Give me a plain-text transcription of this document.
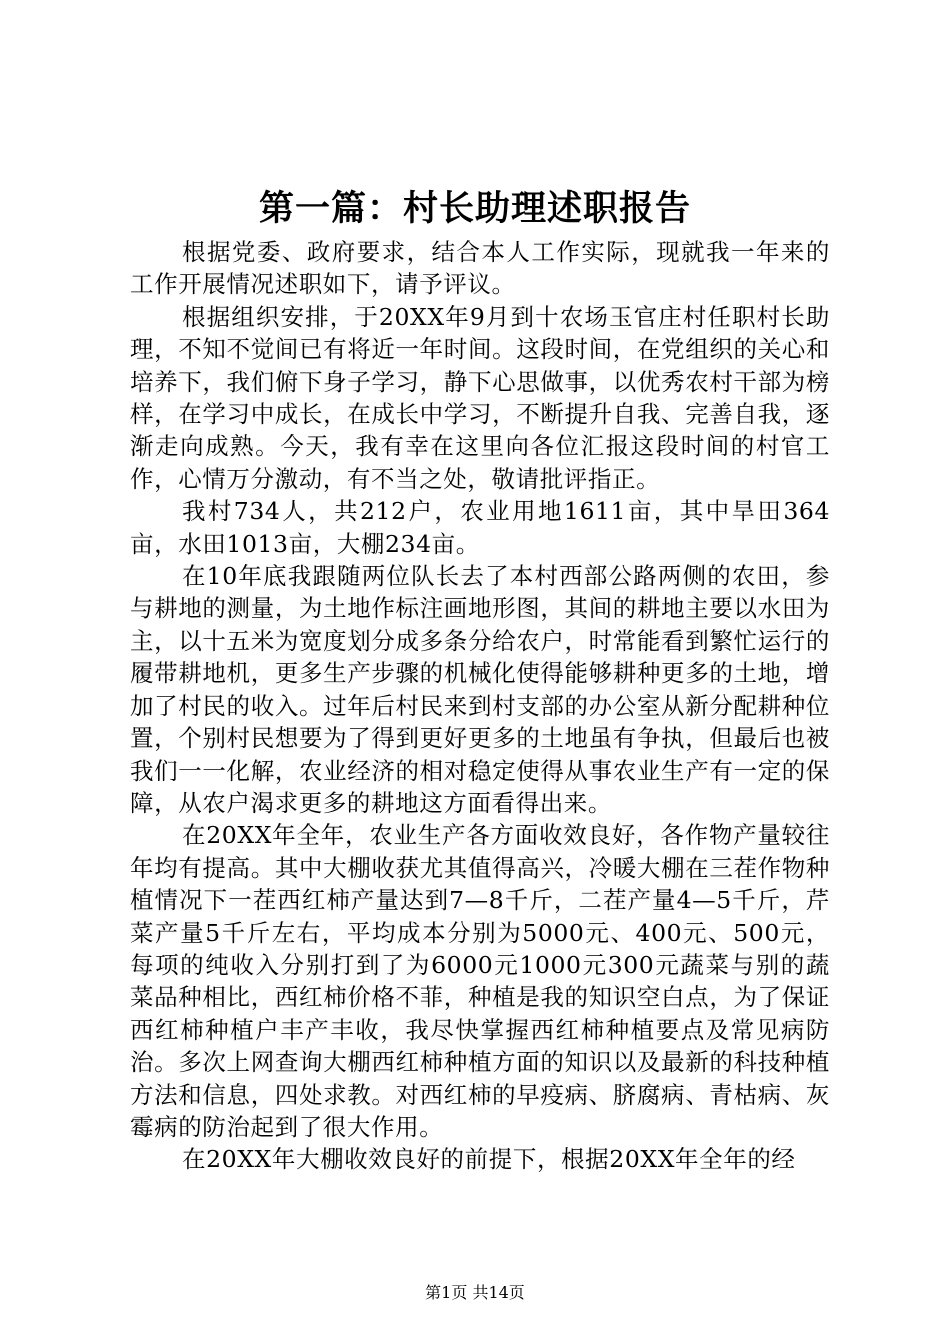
第一篇：村长助理述职报告

根据党委、政府要求，结合本人工作实际，现就我一年来的工作开展情况述职如下，请予评议。

根据组织安排，于20XX年9月到十农场玉官庄村任职村长助理，不知不觉间已有将近一年时间。这段时间，在党组织的关心和培养下，我们俯下身子学习，静下心思做事，以优秀农村干部为榜样，在学习中成长，在成长中学习，不断提升自我、完善自我，逐渐走向成熟。今天，我有幸在这里向各位汇报这段时间的村官工作，心情万分激动，有不当之处，敬请批评指正。

我村734人，共212户，农业用地1611亩，其中旱田364亩，水田1013亩，大棚234亩。

在10年底我跟随两位队长去了本村西部公路两侧的农田，参与耕地的测量，为土地作标注画地形图，其间的耕地主要以水田为主，以十五米为宽度划分成多条分给农户，时常能看到繁忙运行的履带耕地机，更多生产步骤的机械化使得能够耕种更多的土地，增加了村民的收入。过年后村民来到村支部的办公室从新分配耕种位置，个别村民想要为了得到更好更多的土地虽有争执，但最后也被我们一一化解，农业经济的相对稳定使得从事农业生产有一定的保障，从农户渴求更多的耕地这方面看得出来。

在20XX年全年，农业生产各方面收效良好，各作物产量较往年均有提高。其中大棚收获尤其值得高兴，冷暖大棚在三茬作物种植情况下一茬西红柿产量达到7—8千斤，二茬产量4—5千斤，芹菜产量5千斤左右，平均成本分别为5000元、400元、500元，每项的纯收入分别打到了为6000元1000元300元蔬菜与别的蔬菜品种相比，西红柿价格不菲，种植是我的知识空白点，为了保证西红柿种植户丰产丰收，我尽快掌握西红柿种植要点及常见病防治。多次上网查询大棚西红柿种植方面的知识以及最新的科技种植方法和信息，四处求教。对西红柿的早疫病、脐腐病、青枯病、灰霉病的防治起到了很大作用。

在20XX年大棚收效良好的前提下，根据20XX年全年的经

第1页 共14页
